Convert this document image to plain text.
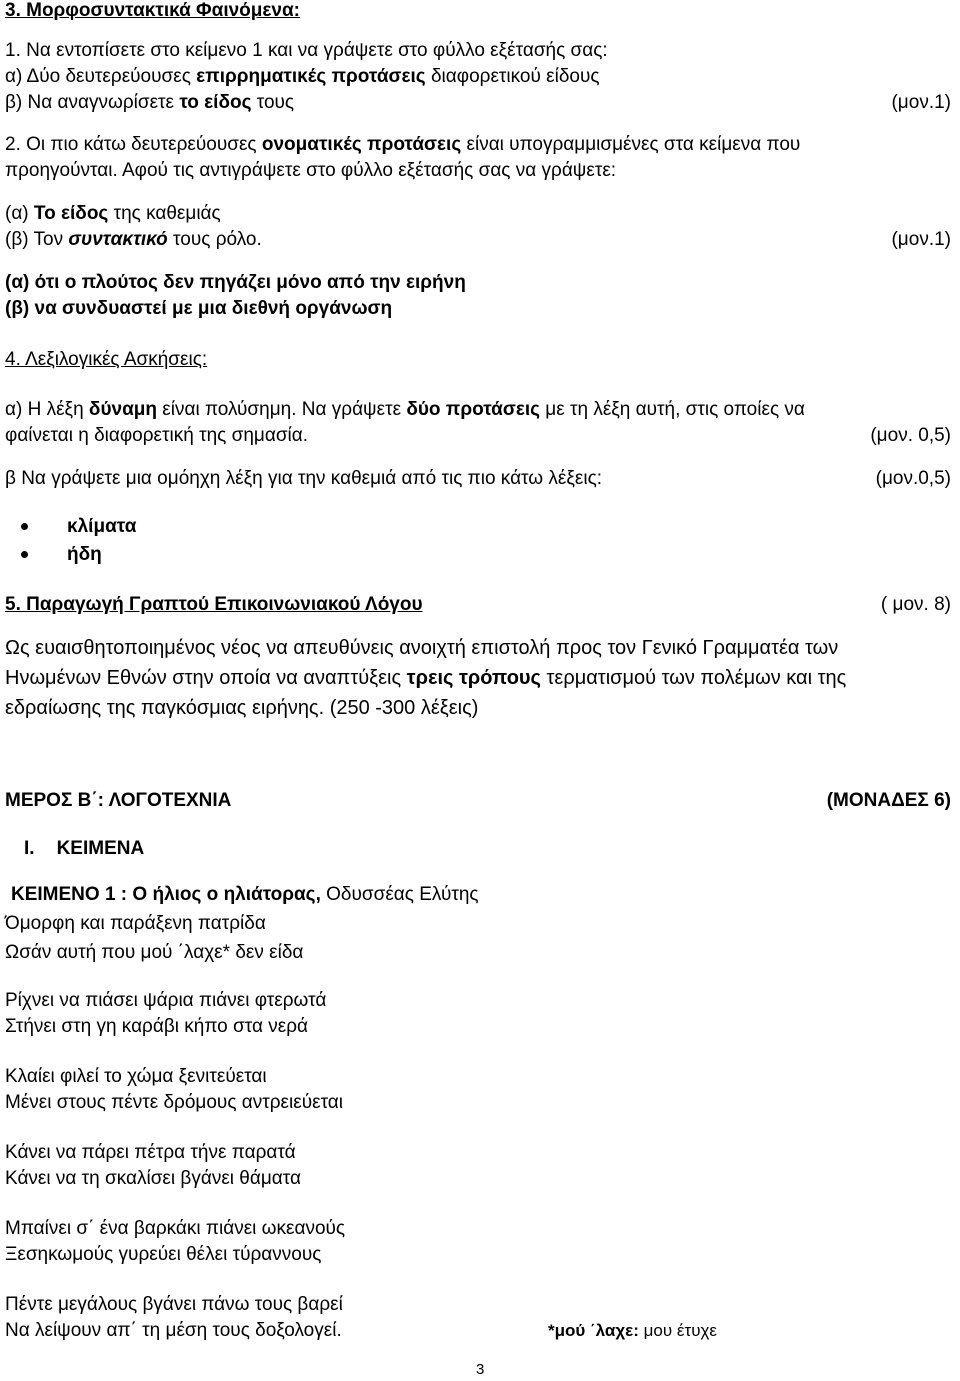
3. Μορφοσυντακτικά Φαινόμενα:
1. Να εντοπίσετε στο κείμενο 1 και να γράψετε στο φύλλο εξέτασής σας:
α) Δύο δευτερεύουσες επιρρηματικές προτάσεις διαφορετικού είδους
β) Να αναγνωρίσετε το είδος τους	(μον.1)
2. Οι πιο κάτω δευτερεύουσες ονοματικές προτάσεις είναι υπογραμμισμένες στα κείμενα που
προηγούνται. Αφού τις αντιγράψετε στο φύλλο εξέτασής σας να γράψετε:
(α) Το είδος της καθεμιάς
(β) Τον συντακτικό τους ρόλο.	(μον.1)
(α) ότι ο πλούτος δεν πηγάζει μόνο από την ειρήνη
(β) να συνδυαστεί με μια διεθνή οργάνωση
4. Λεξιλογικές Ασκήσεις:
α) Η λέξη δύναμη είναι πολύσημη. Να γράψετε δύο προτάσεις με τη λέξη αυτή, στις οποίες να
φαίνεται η διαφορετική της σημασία.	(μον. 0,5)
β Να γράψετε μια ομόηχη λέξη για την καθεμιά από τις πιο κάτω λέξεις:	(μον.0,5)
κλίματα
ήδη
5. Παραγωγή Γραπτού Επικοινωνιακού Λόγου	( μον. 8)
Ως ευαισθητοποιημένος νέος να απευθύνεις ανοιχτή επιστολή προς τον Γενικό Γραμματέα των
Ηνωμένων Εθνών στην οποία να αναπτύξεις τρεις τρόπους τερματισμού των πολέμων και της
εδραίωσης της παγκόσμιας ειρήνης. (250 -300 λέξεις)
ΜΕΡΟΣ Β΄: ΛΟΓΟΤΕΧΝΙΑ	(ΜΟΝΑΔΕΣ 6)
Ι. ΚΕΙΜΕΝΑ
ΚΕΙΜΕΝΟ 1 : Ο ήλιος ο ηλιάτορας, Οδυσσέας Ελύτης
Όμορφη και παράξενη πατρίδα
Ωσάν αυτή που μού ΄λαχε* δεν είδα
Ρίχνει να πιάσει ψάρια πιάνει φτερωτά
Στήνει στη γη καράβι κήπο στα νερά
Κλαίει φιλεί το χώμα ξενιτεύεται
Μένει στους πέντε δρόμους αντρειεύεται
Κάνει να πάρει πέτρα τήνε παρατά
Κάνει να τη σκαλίσει βγάνει θάματα
Μπαίνει σ΄ ένα βαρκάκι πιάνει ωκεανούς
Ξεσηκωμούς γυρεύει θέλει τύραννους
Πέντε μεγάλους βγάνει πάνω τους βαρεί
Να λείψουν απ΄ τη μέση τους δοξολογεί.	*μού ΄λαχε: μου έτυχε
3
